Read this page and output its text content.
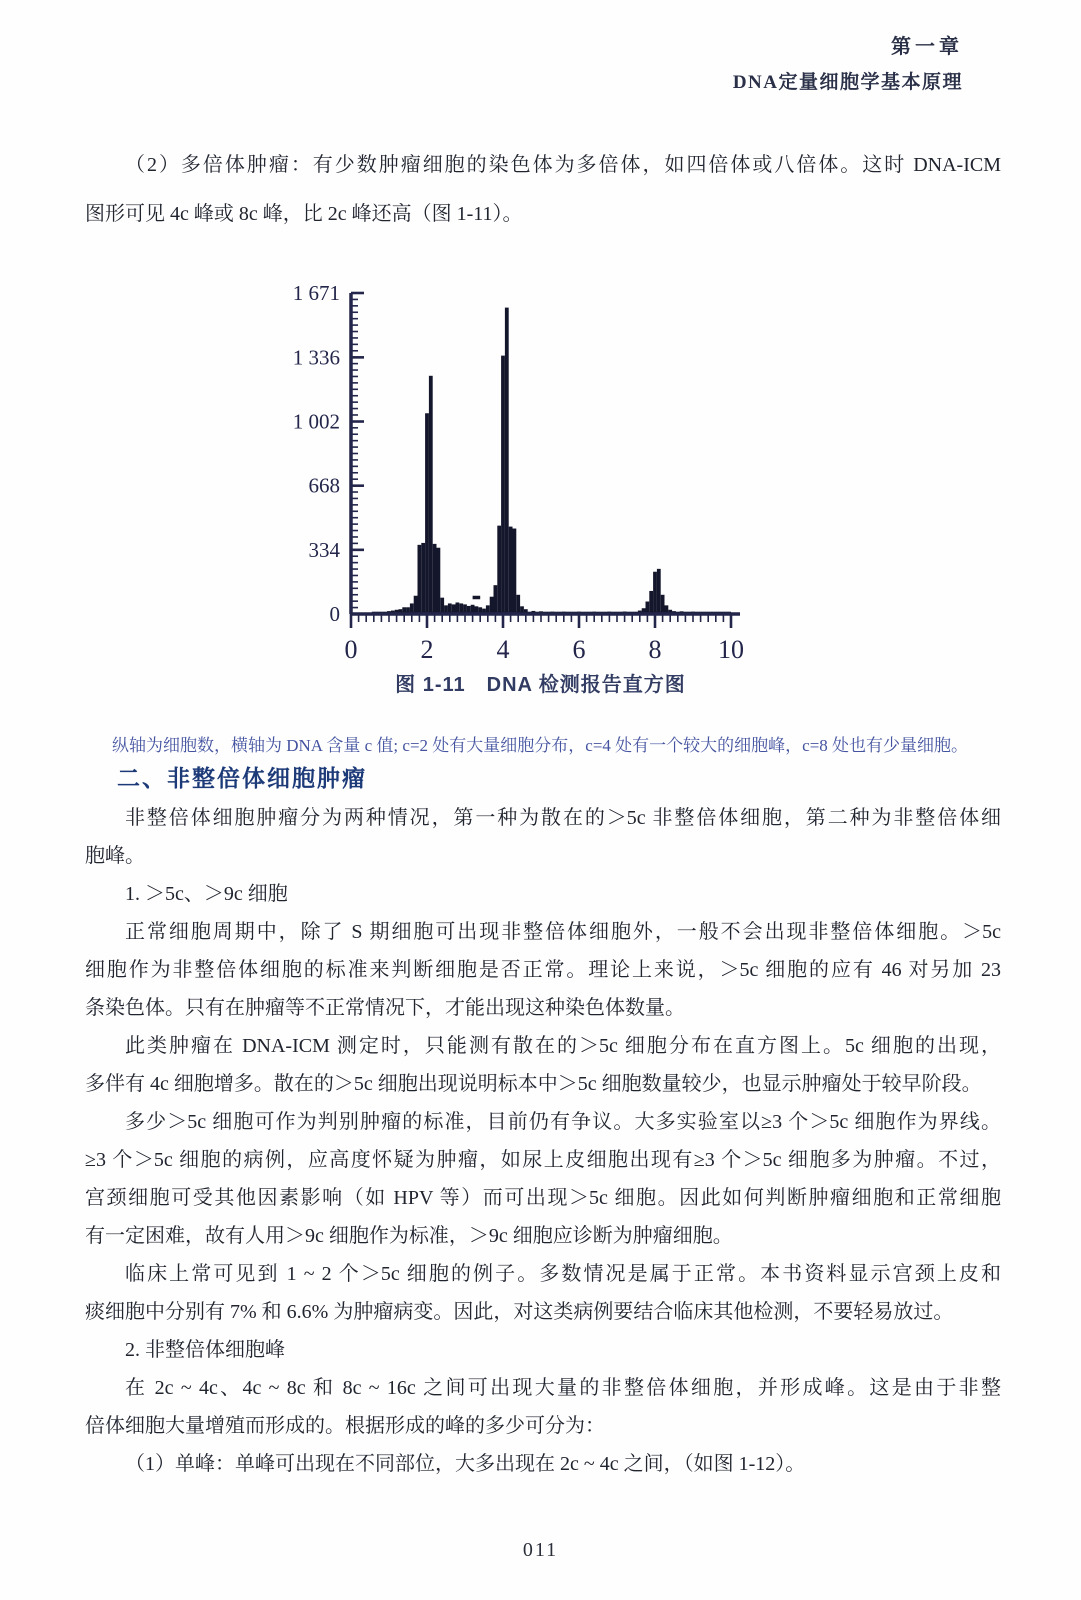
第一章
DNA定量细胞学基本原理
（2）多倍体肿瘤：有少数肿瘤细胞的染色体为多倍体，如四倍体或八倍体。这时 DNA-ICM
图形可见 4c 峰或 8c 峰，比 2c 峰还高（图 1-11）。
0
334
668
1 002
1 336
1 671
0 2 4 6 8 10
图 1-11　DNA 检测报告直方图
纵轴为细胞数，横轴为 DNA 含量 c 值; c=2 处有大量细胞分布，c=4 处有一个较大的细胞峰，c=8 处也有少量细胞。
二、非整倍体细胞肿瘤
非整倍体细胞肿瘤分为两种情况，第一种为散在的＞5c 非整倍体细胞，第二种为非整倍体细
胞峰。
1. ＞5c、＞9c 细胞
正常细胞周期中，除了 S 期细胞可出现非整倍体细胞外，一般不会出现非整倍体细胞。＞5c
细胞作为非整倍体细胞的标准来判断细胞是否正常。理论上来说，＞5c 细胞的应有 46 对另加 23
条染色体。只有在肿瘤等不正常情况下，才能出现这种染色体数量。
此类肿瘤在 DNA-ICM 测定时，只能测有散在的＞5c 细胞分布在直方图上。5c 细胞的出现，
多伴有 4c 细胞增多。散在的＞5c 细胞出现说明标本中＞5c 细胞数量较少，也显示肿瘤处于较早阶段。
多少＞5c 细胞可作为判别肿瘤的标准，目前仍有争议。大多实验室以≥3 个＞5c 细胞作为界线。
≥3 个＞5c 细胞的病例，应高度怀疑为肿瘤，如尿上皮细胞出现有≥3 个＞5c 细胞多为肿瘤。不过，
宫颈细胞可受其他因素影响（如 HPV 等）而可出现＞5c 细胞。因此如何判断肿瘤细胞和正常细胞
有一定困难，故有人用＞9c 细胞作为标准，＞9c 细胞应诊断为肿瘤细胞。
临床上常可见到 1 ~ 2 个＞5c 细胞的例子。多数情况是属于正常。本书资料显示宫颈上皮和
痰细胞中分别有 7% 和 6.6% 为肿瘤病变。因此，对这类病例要结合临床其他检测，不要轻易放过。
2. 非整倍体细胞峰
在 2c ~ 4c、4c ~ 8c 和 8c ~ 16c 之间可出现大量的非整倍体细胞，并形成峰。这是由于非整
倍体细胞大量增殖而形成的。根据形成的峰的多少可分为：
（1）单峰：单峰可出现在不同部位，大多出现在 2c ~ 4c 之间，（如图 1-12）。
011
